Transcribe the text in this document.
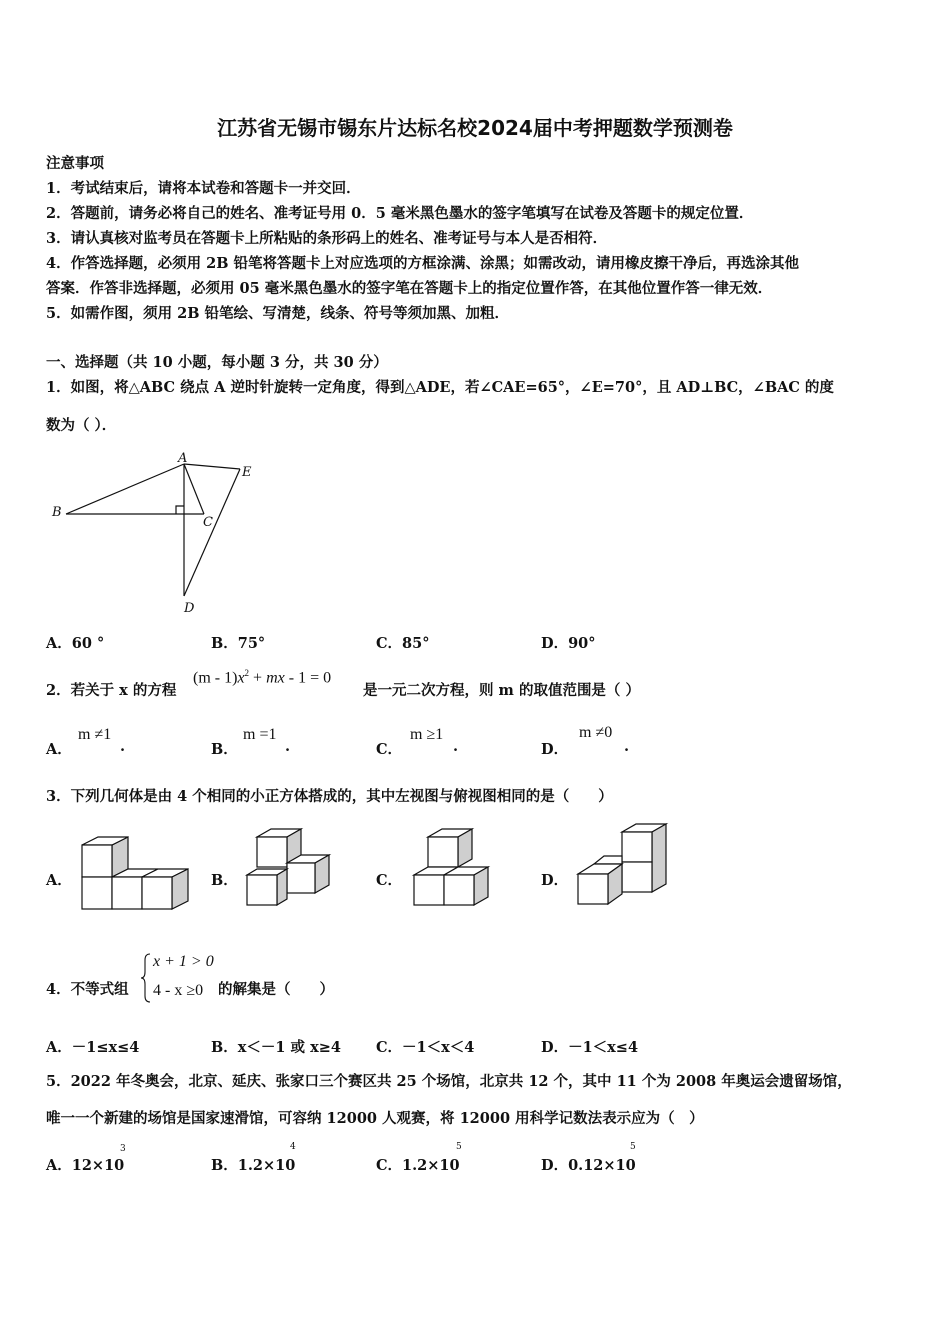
江苏省无锡市锡东片达标名校2024届中考押题数学预测卷
注意事项
1．考试结束后，请将本试卷和答题卡一并交回．
2．答题前，请务必将自己的姓名、准考证号用 0．5 毫米黑色墨水的签字笔填写在试卷及答题卡的规定位置．
3．请认真核对监考员在答题卡上所粘贴的条形码上的姓名、准考证号与本人是否相符．
4．作答选择题，必须用 2B 铅笔将答题卡上对应选项的方框涂满、涂黑；如需改动，请用橡皮擦干净后，再选涂其他
答案．作答非选择题，必须用 05 毫米黑色墨水的签字笔在答题卡上的指定位置作答，在其他位置作答一律无效．
5．如需作图，须用 2B 铅笔绘、写清楚，线条、符号等须加黑、加粗．
一、选择题（共 10 小题，每小题 3 分，共 30 分）
1．如图，将△ABC 绕点 A 逆时针旋转一定角度，得到△ADE，若∠CAE=65°，∠E=70°，且 AD⊥BC，∠BAC 的度
数为（ ）．
A
B
C
D
E
A．60 °	B．75°	C．85°	D．90°
2．若关于 x 的方程
$(m - 1)x^2$ + mx - 1 = 0
是一元二次方程，则 m 的取值范围是（ ）
A．
m ≠1
.	B．
m =1
.	C．
m ≥1
.	D．
m ≠0
.
3．下列几何体是由 4 个相同的小正方体搭成的，其中左视图与俯视图相同的是（　　）
A．	B．	C．	D．
4．不等式组
x + 1 > 0
4 - x ≥0 的解集是（　　）
A．－1≤x≤4	B．x＜－1 或 x≥4 C．－1＜x＜4	D．－1＜x≤4
5．2022 年冬奥会，北京、延庆、张家口三个赛区共 25 个场馆，北京共 12 个，其中 11 个为 2008 年奥运会遗留场馆，
唯一一个新建的场馆是国家速滑馆，可容纳 12000 人观赛，将 12000 用科学记数法表示应为（　）
A．12×10
3
B．1.2×10
4
C．1.2×10
5
D．0.12×10
5
